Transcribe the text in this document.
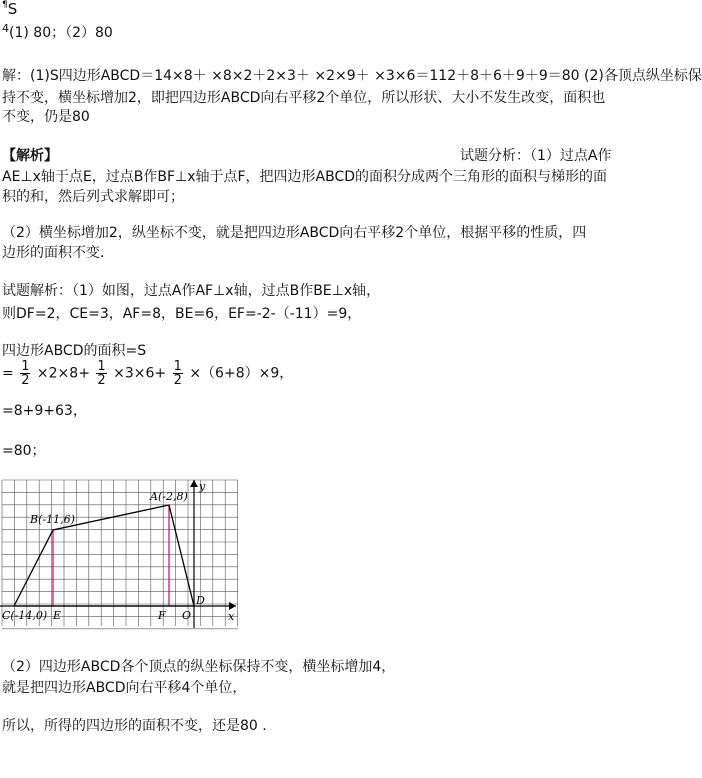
¶S
$^4$(1) 80；（2）80
解：(1)S四边形ABCD＝14×8＋ ×8×2＋2×3＋ ×2×9＋ ×3×6＝112＋8＋6＋9＋9＝80 (2)各顶点纵坐标保
持不变，横坐标增加2，即把四边形ABCD向右平移2个单位，所以形状、大小不发生改变，面积也
不变，仍是80
【解析】	试题分析：（1）过点A作
AE⊥x轴于点E，过点B作BF⊥x轴于点F，把四边形ABCD的面积分成两个三角形的面积与梯形的面
积的和，然后列式求解即可；
（2）横坐标增加2，纵坐标不变，就是把四边形ABCD向右平移2个单位，根据平移的性质，四
边形的面积不变.
试题解析：（1）如图，过点A作AF⊥x轴，过点B作BE⊥x轴，
则DF=2，CE=3，AF=8，BE=6，EF=-2-（-11）=9，
四边形ABCD的面积=S
= $\frac{1}{2} \times 2\times 8+ \frac{1}{2} \times 3\times 6+ \frac{1}{2} \times(6+8)\times 9$，
=8+9+63，
=80；
A(-2,8)
B(-11,6)
C(-14,0)
D
E	F O	x
y
（2）四边形ABCD各个顶点的纵坐标保持不变，横坐标增加4，
就是把四边形ABCD向右平移4个单位，
所以，所得的四边形的面积不变，还是80 .
